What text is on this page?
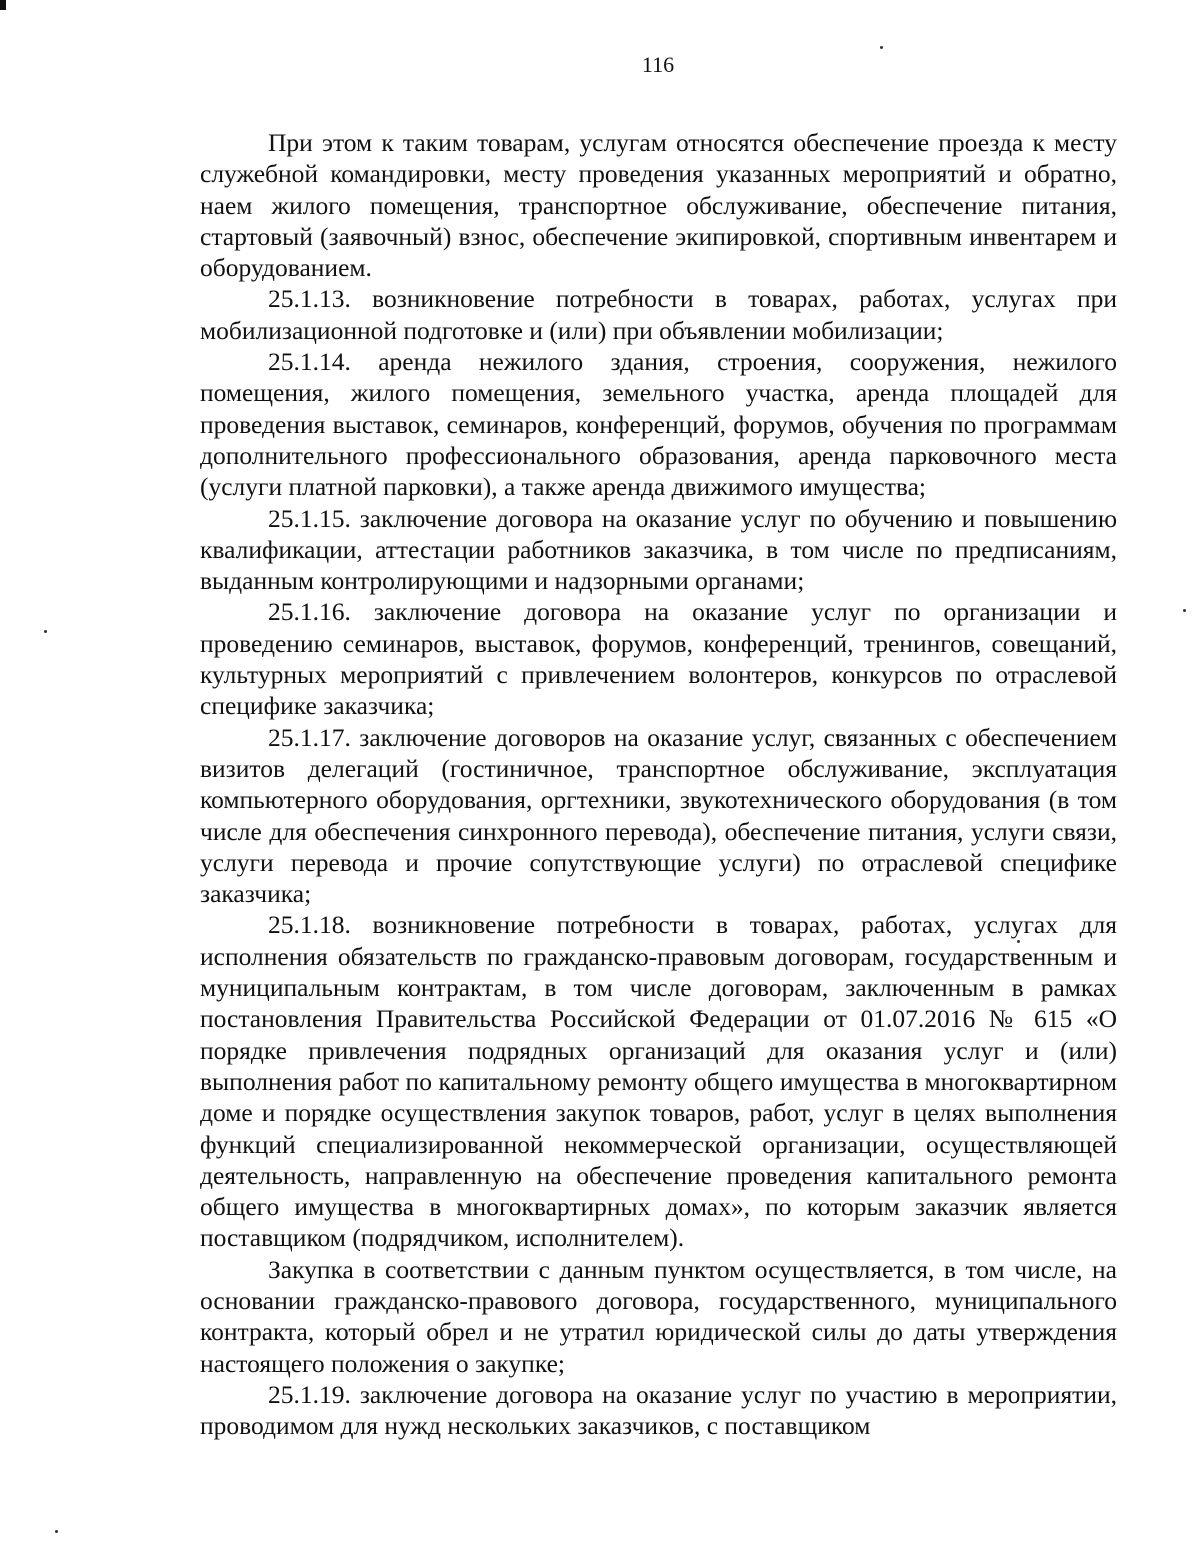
116

При этом к таким товарам, услугам относятся обеспечение проезда к месту служебной командировки, месту проведения указанных мероприятий и обратно, наем жилого помещения, транспортное обслуживание, обеспечение питания, стартовый (заявочный) взнос, обеспечение экипировкой, спортивным инвентарем и оборудованием.

25.1.13. возникновение потребности в товарах, работах, услугах при мобилизационной подготовке и (или) при объявлении мобилизации;

25.1.14. аренда нежилого здания, строения, сооружения, нежилого помещения, жилого помещения, земельного участка, аренда площадей для проведения выставок, семинаров, конференций, форумов, обучения по программам дополнительного профессионального образования, аренда парковочного места (услуги платной парковки), а также аренда движимого имущества;

25.1.15. заключение договора на оказание услуг по обучению и повышению квалификации, аттестации работников заказчика, в том числе по предписаниям, выданным контролирующими и надзорными органами;

25.1.16. заключение договора на оказание услуг по организации и проведению семинаров, выставок, форумов, конференций, тренингов, совещаний, культурных мероприятий с привлечением волонтеров, конкурсов по отраслевой специфике заказчика;

25.1.17. заключение договоров на оказание услуг, связанных с обеспечением визитов делегаций (гостиничное, транспортное обслуживание, эксплуатация компьютерного оборудования, оргтехники, звукотехнического оборудования (в том числе для обеспечения синхронного перевода), обеспечение питания, услуги связи, услуги перевода и прочие сопутствующие услуги) по отраслевой специфике заказчика;

25.1.18. возникновение потребности в товарах, работах, услугах для исполнения обязательств по гражданско-правовым договорам, государственным и муниципальным контрактам, в том числе договорам, заключенным в рамках постановления Правительства Российской Федерации от 01.07.2016 № 615 «О порядке привлечения подрядных организаций для оказания услуг и (или) выполнения работ по капитальному ремонту общего имущества в многоквартирном доме и порядке осуществления закупок товаров, работ, услуг в целях выполнения функций специализированной некоммерческой организации, осуществляющей деятельность, направленную на обеспечение проведения капитального ремонта общего имущества в многоквартирных домах», по которым заказчик является поставщиком (подрядчиком, исполнителем).

Закупка в соответствии с данным пунктом осуществляется, в том числе, на основании гражданско-правового договора, государственного, муниципального контракта, который обрел и не утратил юридической силы до даты утверждения настоящего положения о закупке;

25.1.19. заключение договора на оказание услуг по участию в мероприятии, проводимом для нужд нескольких заказчиков, с поставщиком
